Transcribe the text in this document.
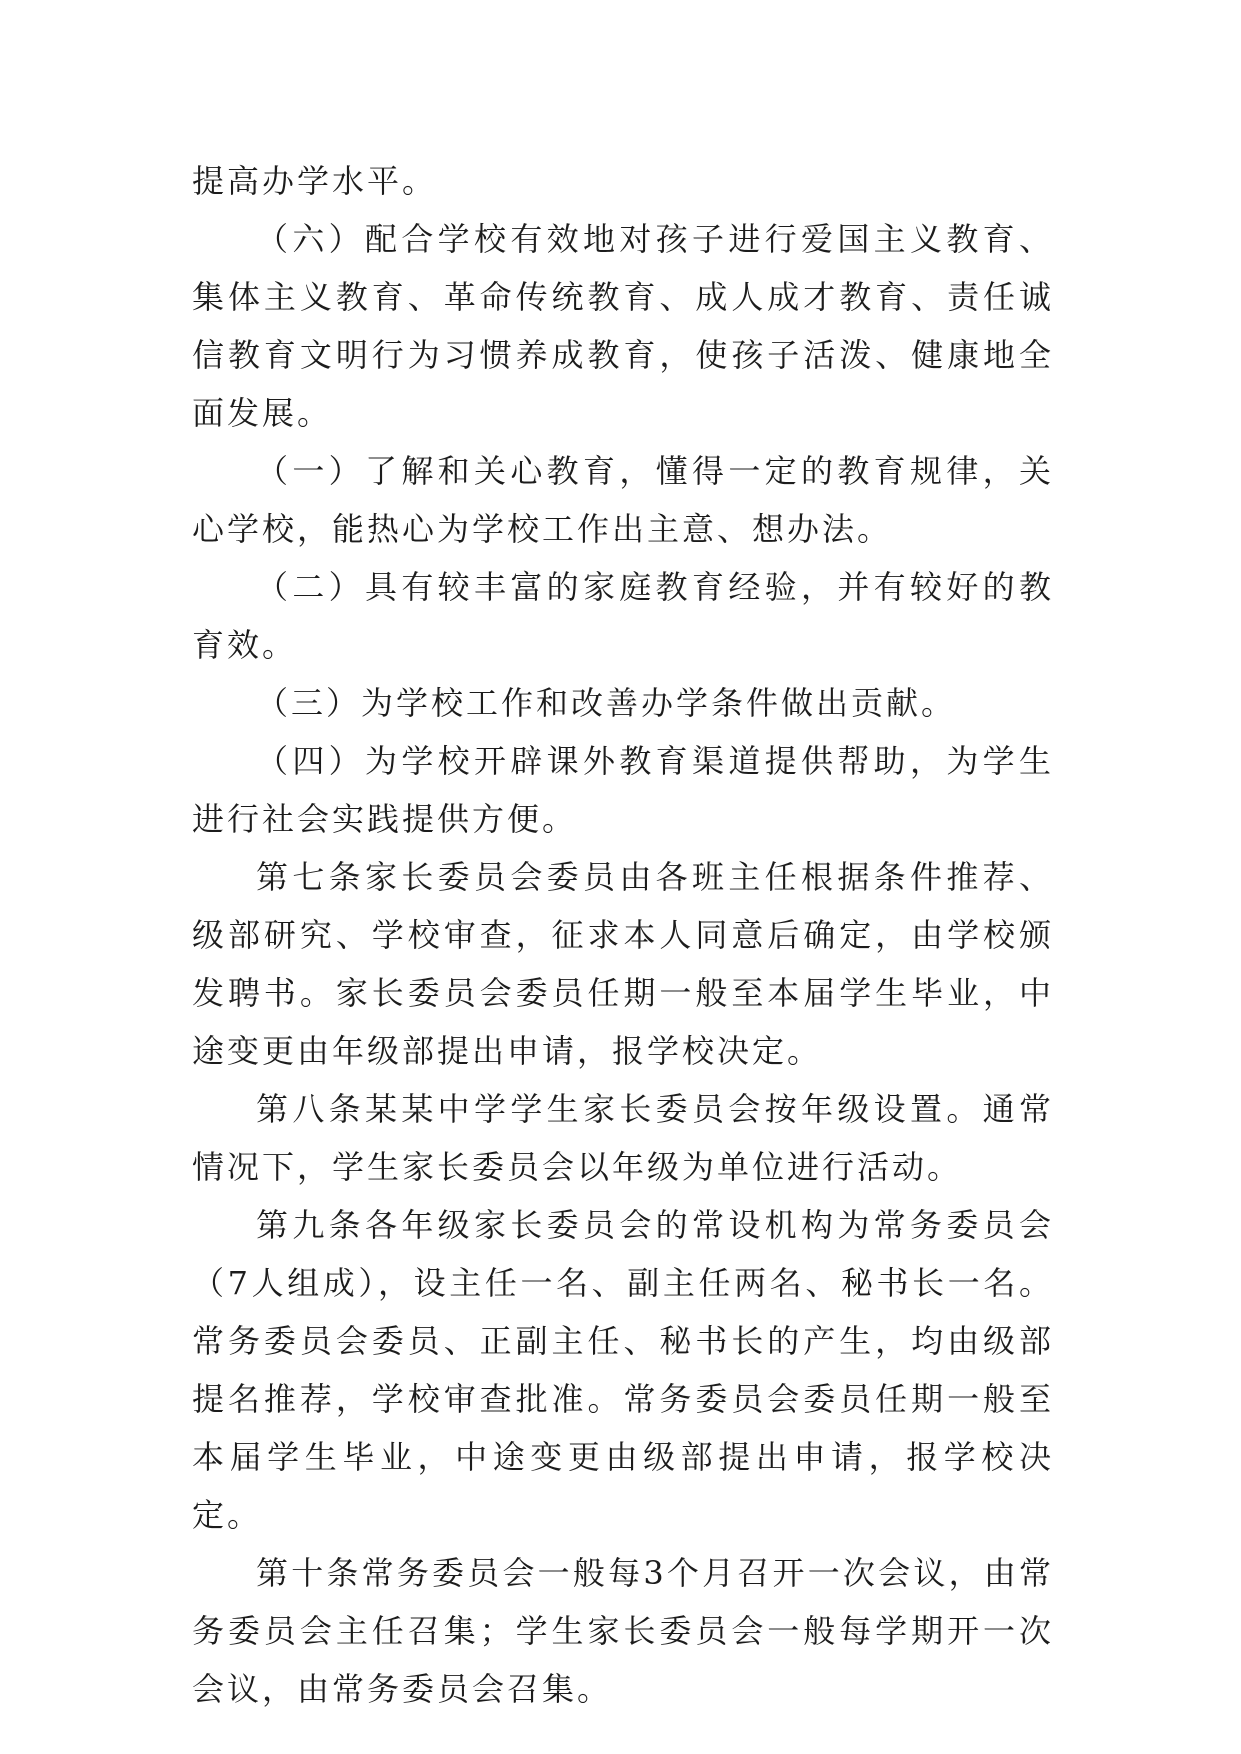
提高办学水平。

（六）配合学校有效地对孩子进行爱国主义教育、集体主义教育、革命传统教育、成人成才教育、责任诚信教育文明行为习惯养成教育，使孩子活泼、健康地全面发展。

（一）了解和关心教育，懂得一定的教育规律，关心学校，能热心为学校工作出主意、想办法。

（二）具有较丰富的家庭教育经验，并有较好的教育效。

（三）为学校工作和改善办学条件做出贡献。

（四）为学校开辟课外教育渠道提供帮助，为学生进行社会实践提供方便。

第七条家长委员会委员由各班主任根据条件推荐、级部研究、学校审查，征求本人同意后确定，由学校颁发聘书。家长委员会委员任期一般至本届学生毕业，中途变更由年级部提出申请，报学校决定。

第八条某某中学学生家长委员会按年级设置。通常情况下，学生家长委员会以年级为单位进行活动。

第九条各年级家长委员会的常设机构为常务委员会（7人组成），设主任一名、副主任两名、秘书长一名。常务委员会委员、正副主任、秘书长的产生，均由级部提名推荐，学校审查批准。常务委员会委员任期一般至本届学生毕业，中途变更由级部提出申请，报学校决定。

第十条常务委员会一般每3个月召开一次会议，由常务委员会主任召集；学生家长委员会一般每学期开一次会议，由常务委员会召集。
